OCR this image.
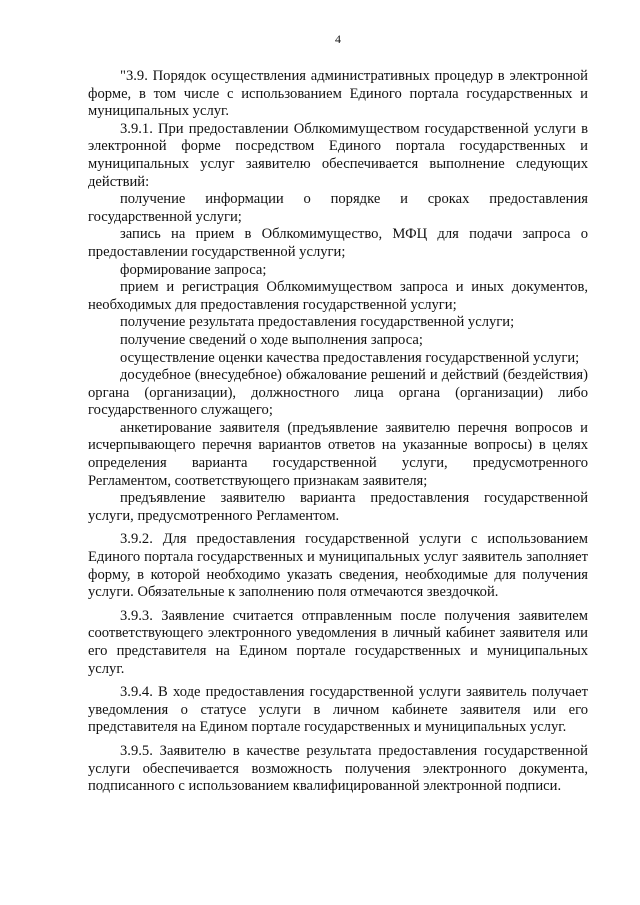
4

"3.9. Порядок осуществления административных процедур в электронной форме, в том числе с использованием Единого портала государственных и муниципальных услуг.

3.9.1. При предоставлении Облкомимуществом государственной услуги в электронной форме посредством Единого портала государственных и муниципальных услуг заявителю обеспечивается выполнение следующих действий:

получение информации о порядке и сроках предоставления государственной услуги;

запись на прием в Облкомимущество, МФЦ для подачи запроса о предоставлении государственной услуги;

формирование запроса;

прием и регистрация Облкомимуществом запроса и иных документов, необходимых для предоставления государственной услуги;

получение результата предоставления государственной услуги;

получение сведений о ходе выполнения запроса;

осуществление оценки качества предоставления государственной услуги;

досудебное (внесудебное) обжалование решений и действий (бездействия) органа (организации), должностного лица органа (организации) либо государственного служащего;

анкетирование заявителя (предъявление заявителю перечня вопросов и исчерпывающего перечня вариантов ответов на указанные вопросы) в целях определения варианта государственной услуги, предусмотренного Регламентом, соответствующего признакам заявителя;

предъявление заявителю варианта предоставления государственной услуги, предусмотренного Регламентом.

3.9.2. Для предоставления государственной услуги с использованием Единого портала государственных и муниципальных услуг заявитель заполняет форму, в которой необходимо указать сведения, необходимые для получения услуги. Обязательные к заполнению поля отмечаются звездочкой.

3.9.3. Заявление считается отправленным после получения заявителем соответствующего электронного уведомления в личный кабинет заявителя или его представителя на Едином портале государственных и муниципальных услуг.

3.9.4. В ходе предоставления государственной услуги заявитель получает уведомления о статусе услуги в личном кабинете заявителя или его представителя на Едином портале государственных и муниципальных услуг.

3.9.5. Заявителю в качестве результата предоставления государственной услуги обеспечивается возможность получения электронного документа, подписанного с использованием квалифицированной электронной подписи.
